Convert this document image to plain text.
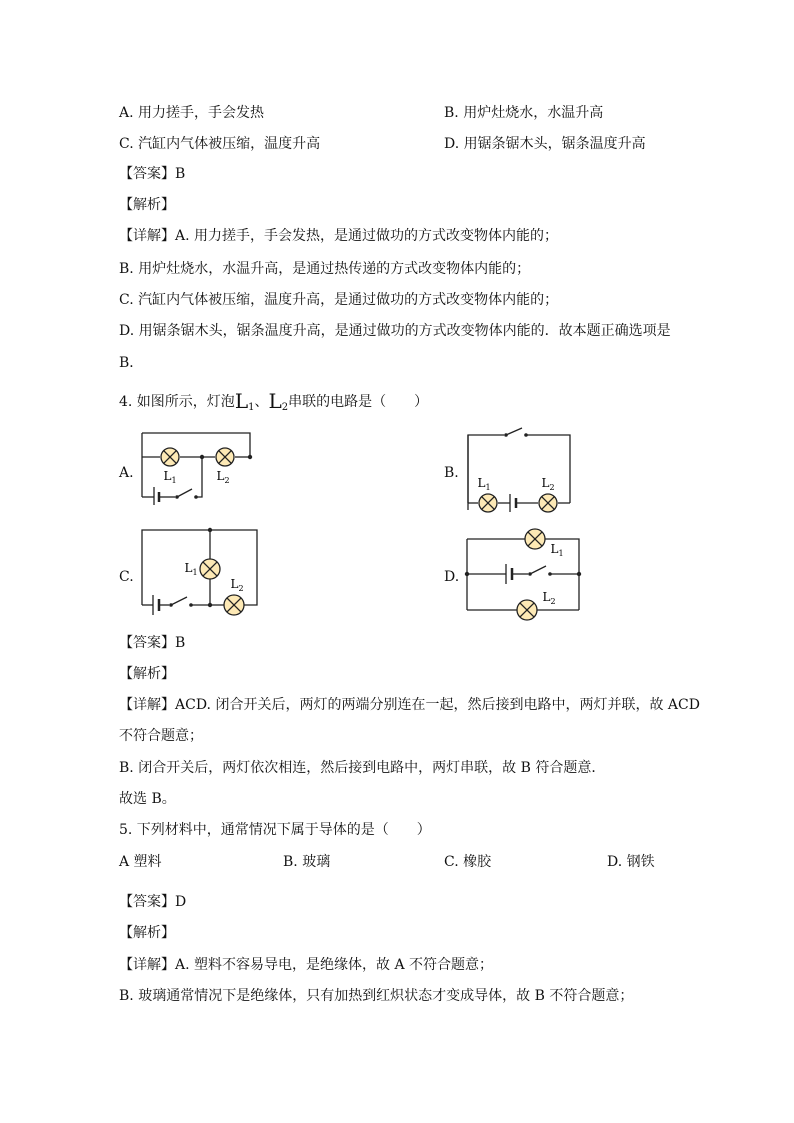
A. 用力搓手，手会发热	B. 用炉灶烧水，水温升高
C. 汽缸内气体被压缩，温度升高	D. 用锯条锯木头，锯条温度升高
【答案】B
【解析】
【详解】A. 用力搓手，手会发热，是通过做功的方式改变物体内能的；
B. 用炉灶烧水，水温升高，是通过热传递的方式改变物体内能的；
C. 汽缸内气体被压缩，温度升高，是通过做功的方式改变物体内能的；
D. 用锯条锯木头，锯条温度升高，是通过做功的方式改变物体内能的．故本题正确选项是
B．
4. 如图所示，灯泡$L_1$、$L_2$串联的电路是（　　）
A.	B.
C.	D.
$L_1$	$L_2$	$L_1$	$L_2$
$L_1$
$L_2$
$L_1$
$L_2$
【答案】B
【解析】
【详解】ACD. 闭合开关后，两灯的两端分别连在一起，然后接到电路中，两灯并联，故 ACD
不符合题意；
B. 闭合开关后，两灯依次相连，然后接到电路中，两灯串联，故 B 符合题意．
故选 B。
5. 下列材料中，通常情况下属于导体的是（　　）
A 塑料	B. 玻璃	C. 橡胶	D. 钢铁
【答案】D
【解析】
【详解】A. 塑料不容易导电，是绝缘体，故 A 不符合题意；
B. 玻璃通常情况下是绝缘体，只有加热到红炽状态才变成导体，故 B 不符合题意；
